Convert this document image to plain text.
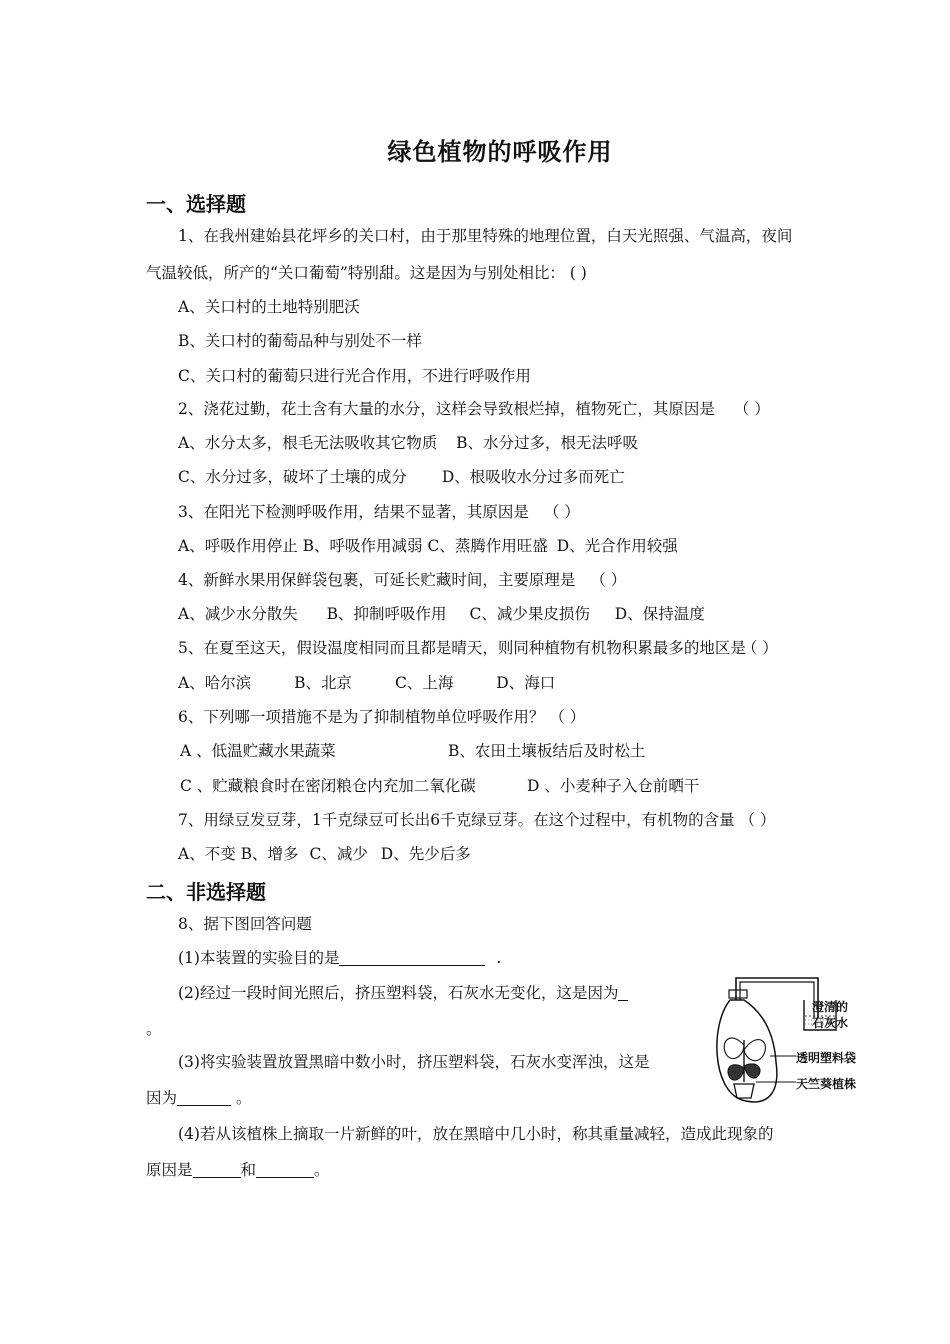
绿色植物的呼吸作用
一、选择题
1、在我州建始县花坪乡的关口村，由于那里特殊的地理位置，白天光照强、气温高，夜间
气温较低，所产的“关口葡萄”特别甜。这是因为与别处相比： ( )
A、关口村的土地特别肥沃
B、关口村的葡萄品种与别处不一样
C、关口村的葡萄只进行光合作用，不进行呼吸作用
2、浇花过勤，花土含有大量的水分，这样会导致根烂掉，植物死亡，其原因是 （ ）
A、水分太多，根毛无法吸收其它物质 B、水分过多，根无法呼吸
C、水分过多，破坏了土壤的成分 D、根吸收水分过多而死亡
3、在阳光下检测呼吸作用，结果不显著，其原因是 （ ）
A、呼吸作用停止 B、呼吸作用减弱 C、蒸腾作用旺盛 D、光合作用较强
4、新鲜水果用保鲜袋包裹，可延长贮藏时间，主要原理是 （ ）
A、减少水分散失 B、抑制呼吸作用 C、减少果皮损伤 D、保持温度
5、在夏至这天，假设温度相同而且都是晴天，则同种植物有机物积累最多的地区是（ ）
A、哈尔滨	B、北京	C、上海	D、海口
6、下列哪一项措施不是为了抑制植物单位呼吸作用？ （ ）
A 、低温贮藏水果蔬菜	B、农田土壤板结后及时松土
C 、贮藏粮食时在密闭粮仓内充加二氧化碳	D 、小麦种子入仓前晒干
7、用绿豆发豆芽，1千克绿豆可长出6千克绿豆芽。在这个过程中，有机物的含量 （ ）
A、不变 B、增多 C、减少 D、先少后多
二、非选择题
8、据下图回答问题
(1)本装置的实验目的是	.
(2)经过一段时间光照后，挤压塑料袋，石灰水无变化，这是因为
。
(3)将实验装置放置黑暗中数小时，挤压塑料袋，石灰水变浑浊，这是
因为	。
(4)若从该植株上摘取一片新鲜的叶，放在黑暗中几小时，称其重量减轻，造成此现象的
原因是	和	。
澄清的
石灰水
透明塑料袋
天竺葵植株
